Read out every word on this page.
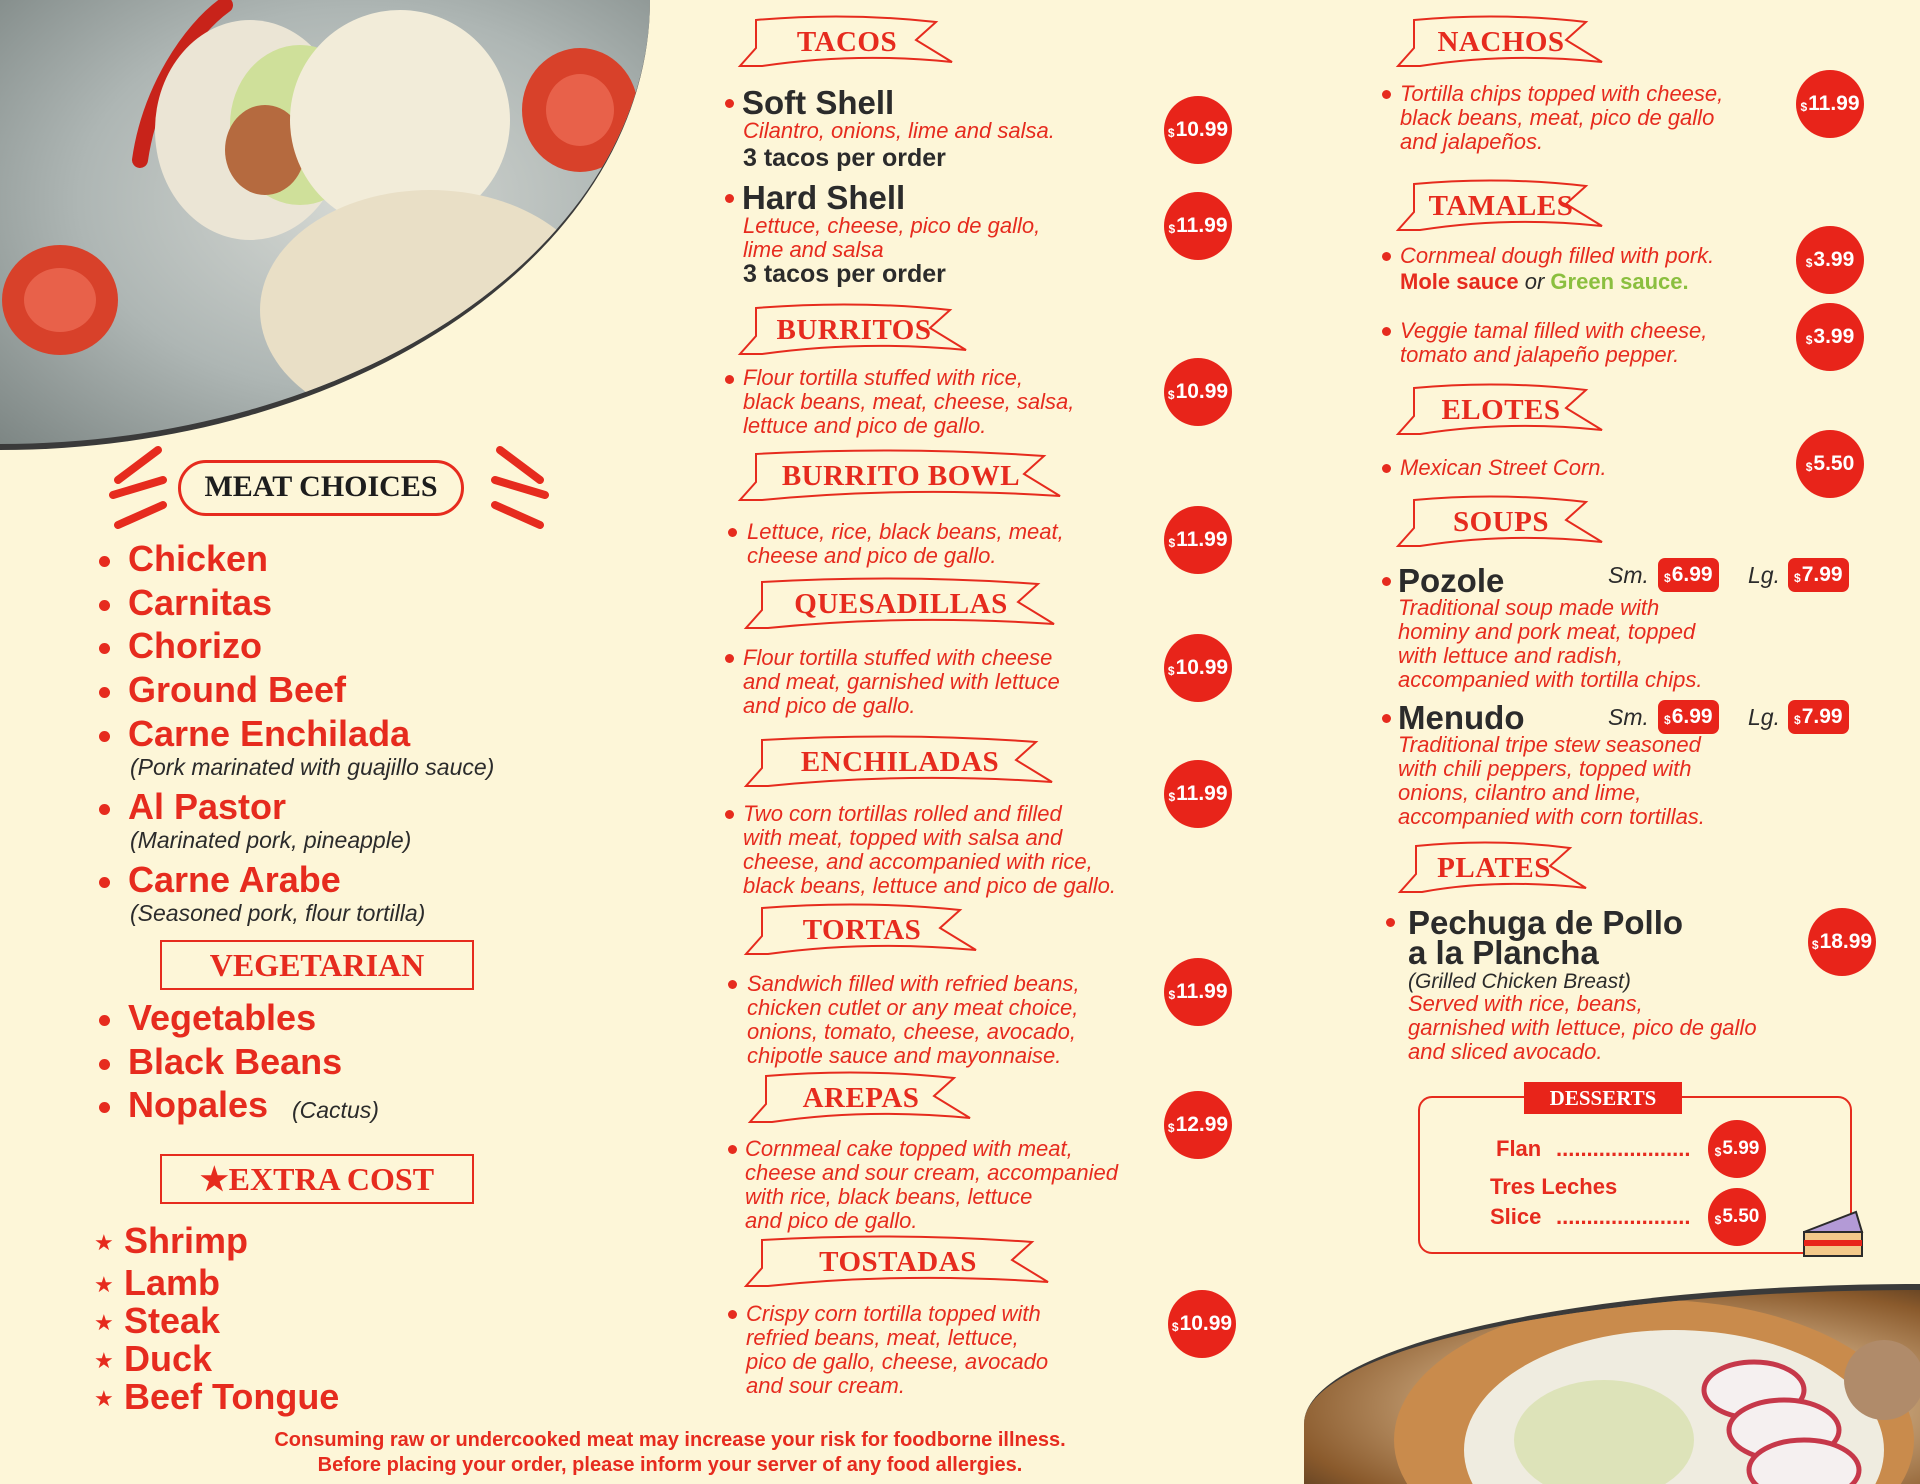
MEAT CHOICES
Chicken
Carnitas
Chorizo
Ground Beef
Carne Enchilada
(Pork marinated with guajillo sauce)
Al Pastor
(Marinated pork, pineapple)
Carne Arabe
(Seasoned pork, flour tortilla)
VEGETARIAN
Vegetables
Black Beans
Nopales (Cactus)
★EXTRA COST
★ Shrimp
★ Lamb
★ Steak
★ Duck
★ Beef Tongue
Consuming raw or undercooked meat may increase your risk for foodborne illness.
Before placing your order, please inform your server of any food allergies.
TACOS
Soft Shell
Cilantro, onions, lime and salsa.
3 tacos per order
$ 10.99
Hard Shell
Lettuce, cheese, pico de gallo,
lime and salsa
3 tacos per order
$ 11.99
BURRITOS
Flour tortilla stuffed with rice,
black beans, meat, cheese, salsa,
lettuce and pico de gallo.
$ 10.99
BURRITO BOWL
Lettuce, rice, black beans, meat,
cheese and pico de gallo.	$ 11.99
QUESADILLAS
Flour tortilla stuffed with cheese
and meat, garnished with lettuce
and pico de gallo.
$ 10.99
ENCHILADAS
Two corn tortillas rolled and filled
with meat, topped with salsa and
cheese, and accompanied with rice,
black beans, lettuce and pico de gallo.
$ 11.99
TORTAS
Sandwich filled with refried beans,
chicken cutlet or any meat choice,
onions, tomato, cheese, avocado,
chipotle sauce and mayonnaise.
$ 11.99
AREPAS
Cornmeal cake topped with meat,
cheese and sour cream, accompanied
with rice, black beans, lettuce
and pico de gallo.
$ 12.99
TOSTADAS
Crispy corn tortilla topped with
refried beans, meat, lettuce,
pico de gallo, cheese, avocado
and sour cream.
$ 10.99
NACHOS
Tortilla chips topped with cheese,
black beans, meat, pico de gallo
and jalapeños.
$ 11.99
TAMALES
Cornmeal dough filled with pork.
Mole sauce or Green sauce.
$ 3.99
Veggie tamal filled with cheese,
tomato and jalapeño pepper.
$ 3.99
ELOTES
Mexican Street Corn.	$ 5.50
SOUPS
Pozole	Sm. $ 6.99 Lg. $ 7.99
Traditional soup made with
hominy and pork meat, topped
with lettuce and radish,
accompanied with tortilla chips.
Menudo	Sm. $ 6.99 Lg. $ 7.99
Traditional tripe stew seasoned
with chili peppers, topped with
onions, cilantro and lime,
accompanied with corn tortillas.
PLATES
Pechuga de Pollo
a la Plancha
(Grilled Chicken Breast)
Served with rice, beans,
garnished with lettuce, pico de gallo
and sliced avocado.
$ 18.99
DESSERTS
Flan ...................... $ 5.99
Tres Leches
Slice ...................... $ 5.50
